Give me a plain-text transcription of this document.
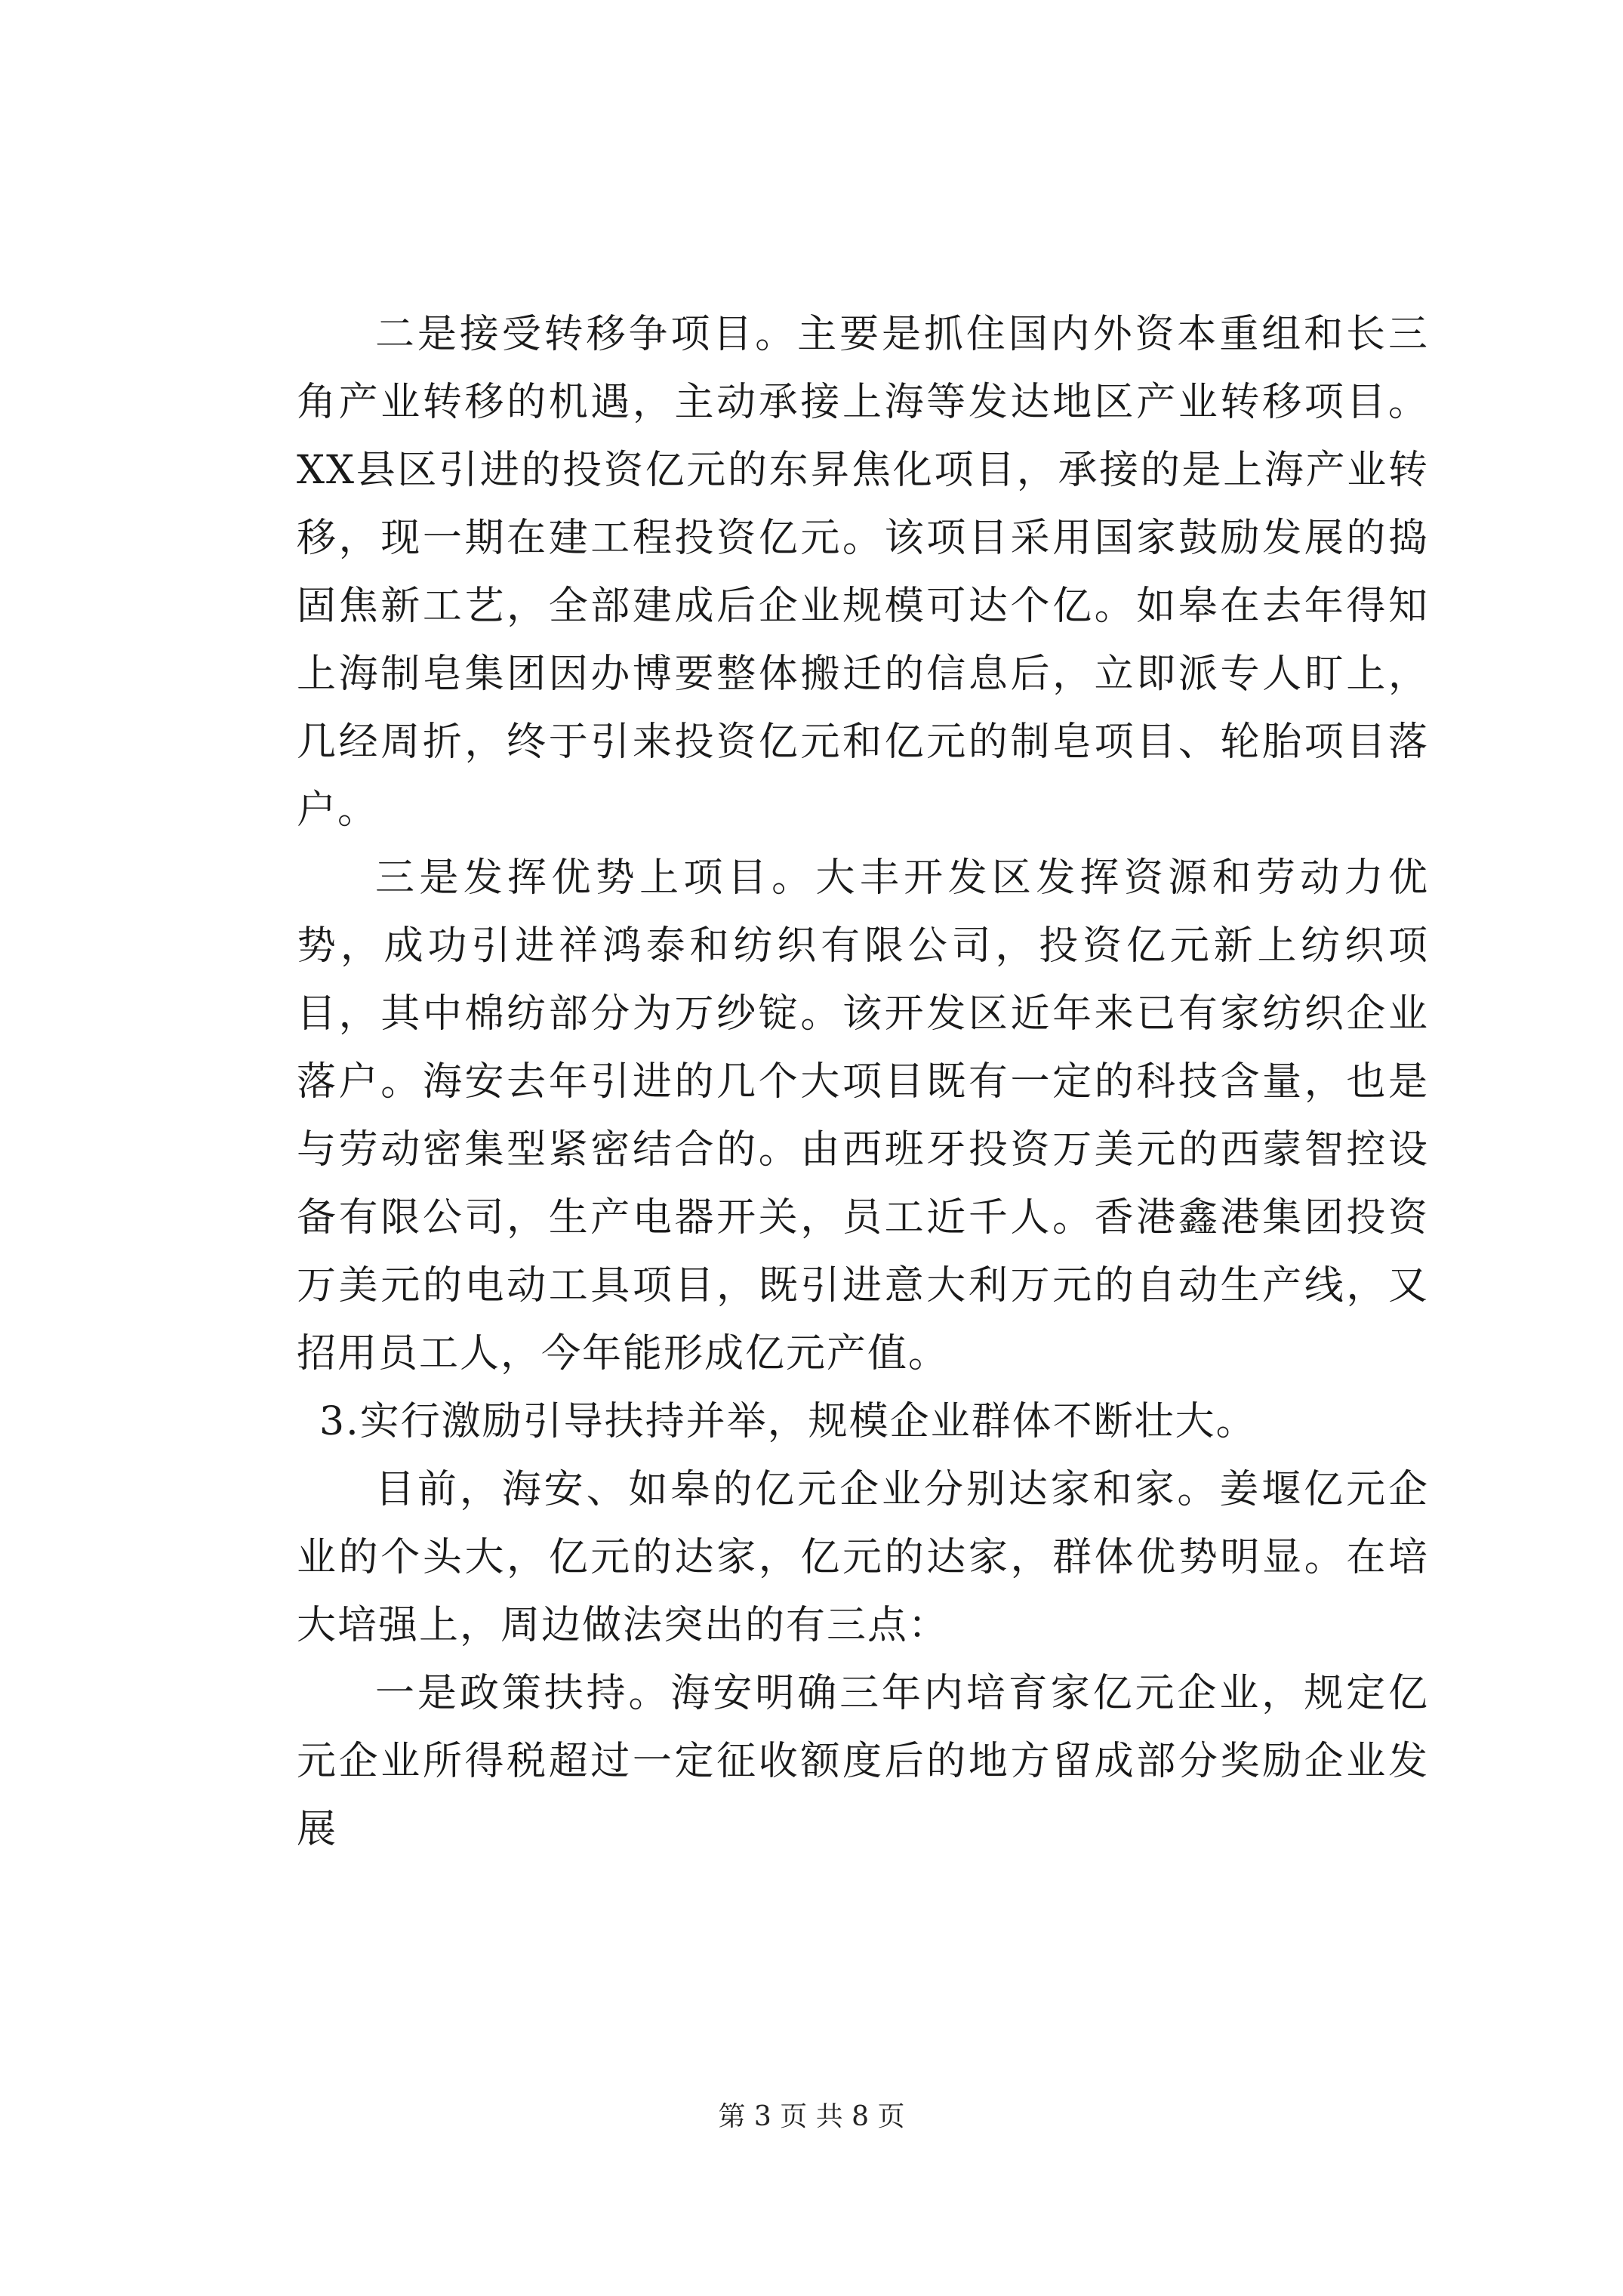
二是接受转移争项目。主要是抓住国内外资本重组和长三角产业转移的机遇，主动承接上海等发达地区产业转移项目。XX县区引进的投资亿元的东昇焦化项目，承接的是上海产业转移，现一期在建工程投资亿元。该项目采用国家鼓励发展的捣固焦新工艺，全部建成后企业规模可达个亿。如皋在去年得知上海制皂集团因办博要整体搬迁的信息后，立即派专人盯上，几经周折，终于引来投资亿元和亿元的制皂项目、轮胎项目落户。

三是发挥优势上项目。大丰开发区发挥资源和劳动力优势，成功引进祥鸿泰和纺织有限公司，投资亿元新上纺织项目，其中棉纺部分为万纱锭。该开发区近年来已有家纺织企业落户。海安去年引进的几个大项目既有一定的科技含量，也是与劳动密集型紧密结合的。由西班牙投资万美元的西蒙智控设备有限公司，生产电器开关，员工近千人。香港鑫港集团投资万美元的电动工具项目，既引进意大利万元的自动生产线，又招用员工人，今年能形成亿元产值。

3.实行激励引导扶持并举，规模企业群体不断壮大。

目前，海安、如皋的亿元企业分别达家和家。姜堰亿元企业的个头大，亿元的达家，亿元的达家，群体优势明显。在培大培强上，周边做法突出的有三点：

一是政策扶持。海安明确三年内培育家亿元企业，规定亿元企业所得税超过一定征收额度后的地方留成部分奖励企业发展

第 3 页 共 8 页
